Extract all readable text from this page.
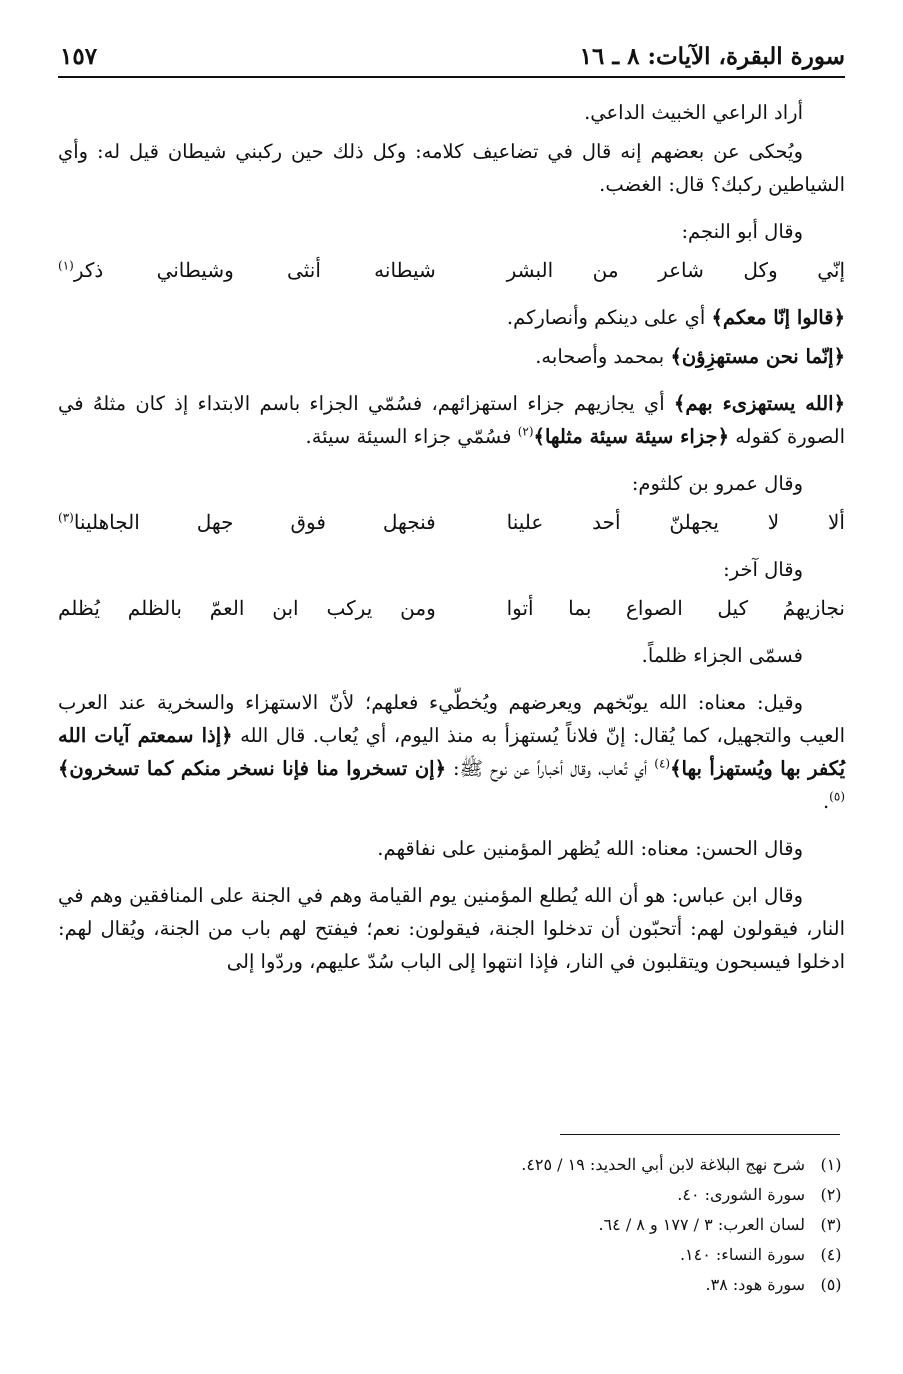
سورة البقرة، الآيات: ٨ ـ ١٦
١٥٧

أراد الراعي الخبيث الداعي.

ويُحكى عن بعضهم إنه قال في تضاعيف كلامه: وكل ذلك حين ركبني شيطان قيل له: وأي الشياطين ركبك؟ قال: الغضب.

وقال أبو النجم:

إنّي وكل شاعر من البشر
شيطانه أنثى وشيطاني ذكر$^{(١)}$

﴿قالوا إنّا معكم﴾ أي على دينكم وأنصاركم.

﴿إنّما نحن مستهزِؤن﴾ بمحمد وأصحابه.

﴿الله يستهزىء بهم﴾ أي يجازيهم جزاء استهزائهم، فسُمّي الجزاء باسم الابتداء إذ كان مثلهُ في الصورة كقوله ﴿جزاء سيئة سيئة مثلها﴾$^{(٢)}$ فسُمّي جزاء السيئة سيئة.

وقال عمرو بن كلثوم:

ألا لا يجهلنّ أحد علينا
فنجهل فوق جهل الجاهلينا$^{(٣)}$

وقال آخر:

نجازيهمُ كيل الصواع بما أتوا
ومن يركب ابن العمّ بالظلم يُظلم

فسمّى الجزاء ظلماً.

وقيل: معناه: الله يوبّخهم ويعرضهم ويُخطّيء فعلهم؛ لأنّ الاستهزاء والسخرية عند العرب العيب والتجهيل، كما يُقال: إنّ فلاناً يُستهزأ به منذ اليوم، أي يُعاب. قال الله ﴿إذا سمعتم آيات الله يُكفر بها ويُستهزأ بها﴾$^{(٤)}$ أي تُعاب، وقال أخباراً عن نوح ﷺ: ﴿إن تسخروا منا فإنا نسخر منكم كما تسخرون﴾$^{(٥)}$.

وقال الحسن: معناه: الله يُظهر المؤمنين على نفاقهم.

وقال ابن عباس: هو أن الله يُطلع المؤمنين يوم القيامة وهم في الجنة على المنافقين وهم في النار، فيقولون لهم: أتحبّون أن تدخلوا الجنة، فيقولون: نعم؛ فيفتح لهم باب من الجنة، ويُقال لهم: ادخلوا فيسبحون ويتقلبون في النار، فإذا انتهوا إلى الباب سُدّ عليهم، وردّوا إلى

(١)
شرح نهج البلاغة لابن أبي الحديد: ١٩ / ٤٢٥.
(٢)
سورة الشورى: ٤٠.
(٣)
لسان العرب: ٣ / ١٧٧ و ٨ / ٦٤.
(٤)
سورة النساء: ١٤٠.
(٥)
سورة هود: ٣٨.
